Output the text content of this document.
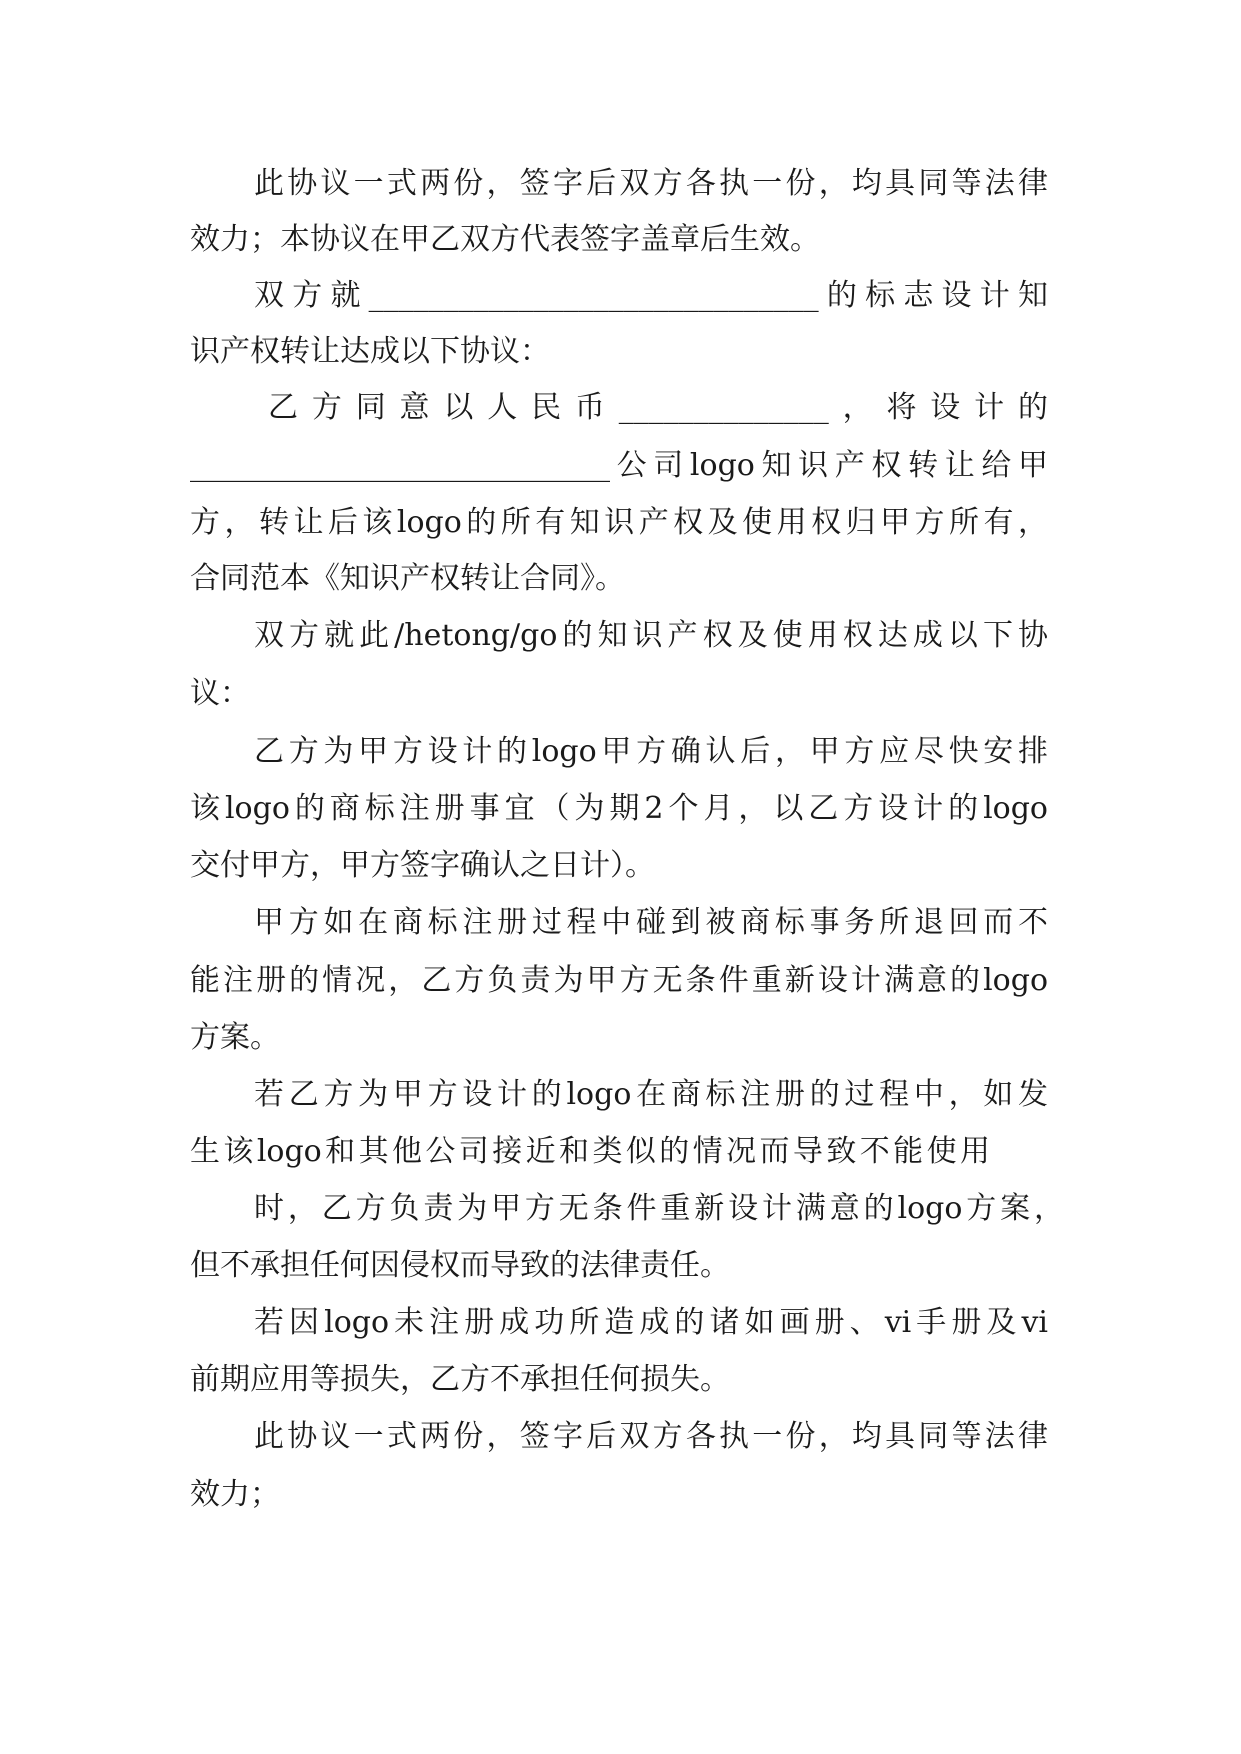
此协议一式两份，签字后双方各执一份，均具同等法律
效力；本协议在甲乙双方代表签字盖章后生效。
双方就______________________________的标志设计知
识产权转让达成以下协议：
乙方同意以人民币______________，将设计的
____________________________公司logo知识产权转让给甲
方，转让后该logo的所有知识产权及使用权归甲方所有，
合同范本《知识产权转让合同》。
双方就此/hetong/go的知识产权及使用权达成以下协
议：
乙方为甲方设计的logo甲方确认后，甲方应尽快安排
该logo的商标注册事宜（为期2个月，以乙方设计的logo
交付甲方，甲方签字确认之日计）。
甲方如在商标注册过程中碰到被商标事务所退回而不
能注册的情况，乙方负责为甲方无条件重新设计满意的logo
方案。
若乙方为甲方设计的logo在商标注册的过程中，如发
生该logo和其他公司接近和类似的情况而导致不能使用
时，乙方负责为甲方无条件重新设计满意的logo方案，
但不承担任何因侵权而导致的法律责任。
若因logo未注册成功所造成的诸如画册、vi手册及vi
前期应用等损失，乙方不承担任何损失。
此协议一式两份，签字后双方各执一份，均具同等法律
效力；
